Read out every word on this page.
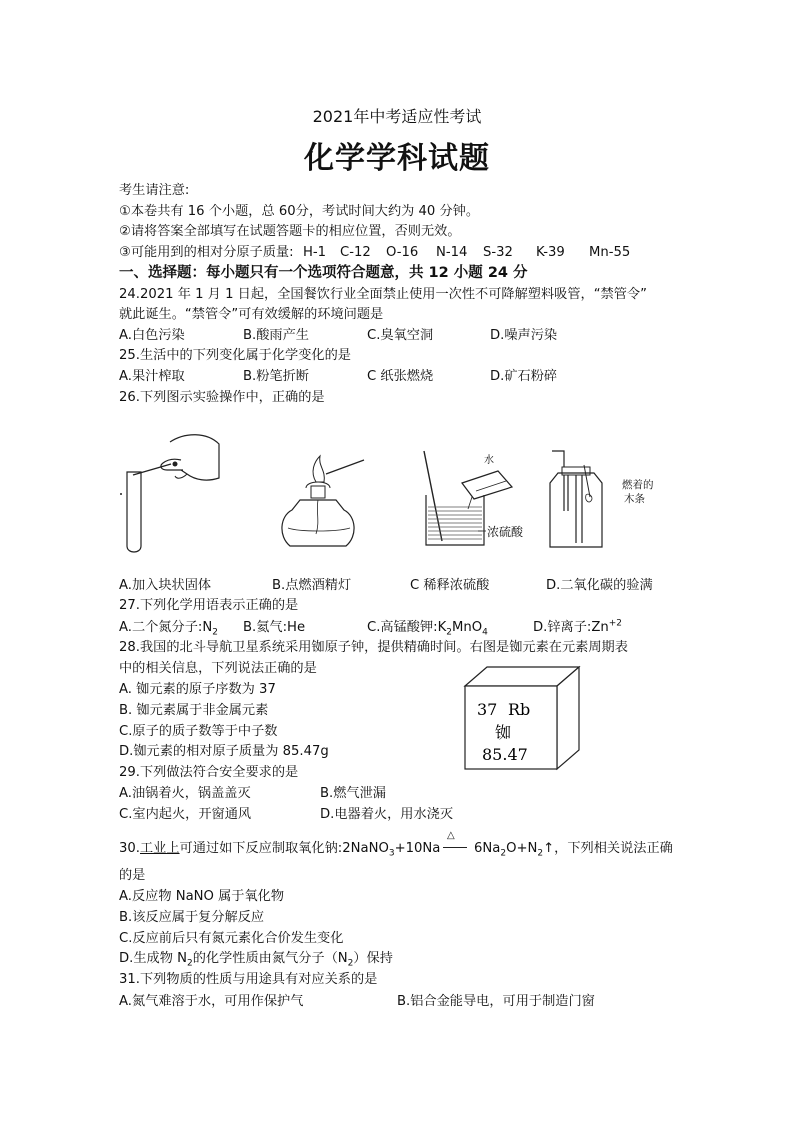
2021年中考适应性考试
化学学科试题
考生请注意:
①本卷共有 16 个小题，总 60分，考试时间大约为 40 分钟。
②请将答案全部填写在试题答题卡的相应位置，否则无效。
③可能用到的相对分原子质量: H-1 C-12 O-16 N-14 S-32 K-39 Mn-55
一、选择题：每小题只有一个选项符合题意，共 12 小题 24 分
24.2021 年 1 月 1 日起，全国餐饮行业全面禁止使用一次性不可降解塑料吸管，“禁管令”
就此诞生。“禁管令”可有效缓解的环境问题是
A.白色污染	B.酸雨产生	C.臭氧空洞	D.噪声污染
25.生活中的下列变化属于化学变化的是
A.果汁榨取	B.粉笔折断	C 纸张燃烧	D.矿石粉碎
26.下列图示实验操作中，正确的是
水
浓硫酸
燃着的
木条
A.加入块状固体	B.点燃酒精灯	C 稀释浓硫酸	D.二氧化碳的验满
27.下列化学用语表示正确的是
A.二个氮分子$:N_2$ B.氦气:He	C.高锰酸钾$:K_2MnO_4$	D.锌离子$:Zn^{+2}$
28.我国的北斗导航卫星系统采用铷原子钟，提供精确时间。右图是铷元素在元素周期表
中的相关信息，下列说法正确的是
A. 铷元素的原子序数为 37
B. 铷元素属于非金属元素
C.原子的质子数等于中子数
D.铷元素的相对原子质量为 85.47g
37 Rb
铷
85.47
29.下列做法符合安全要求的是
A.油锅着火，锅盖盖灭	B.燃气泄漏
C.室内起火，开窗通风	D.电器着火，用水浇灭
30.工业上可通过如下反应制取氧化钠:2NaNO$_3$+10Na
△
$6Na_2O+N_2↑$，下列相关说法正确
的是
A.反应物 NaNO 属于氧化物
B.该反应属于复分解反应
C.反应前后只有氮元素化合价发生变化
D.生成物 $N_2$的化学性质由氮气分子$(N_2)$保持
31.下列物质的性质与用途具有对应关系的是
A.氮气难溶于水，可用作保护气	B.铝合金能导电，可用于制造门窗
